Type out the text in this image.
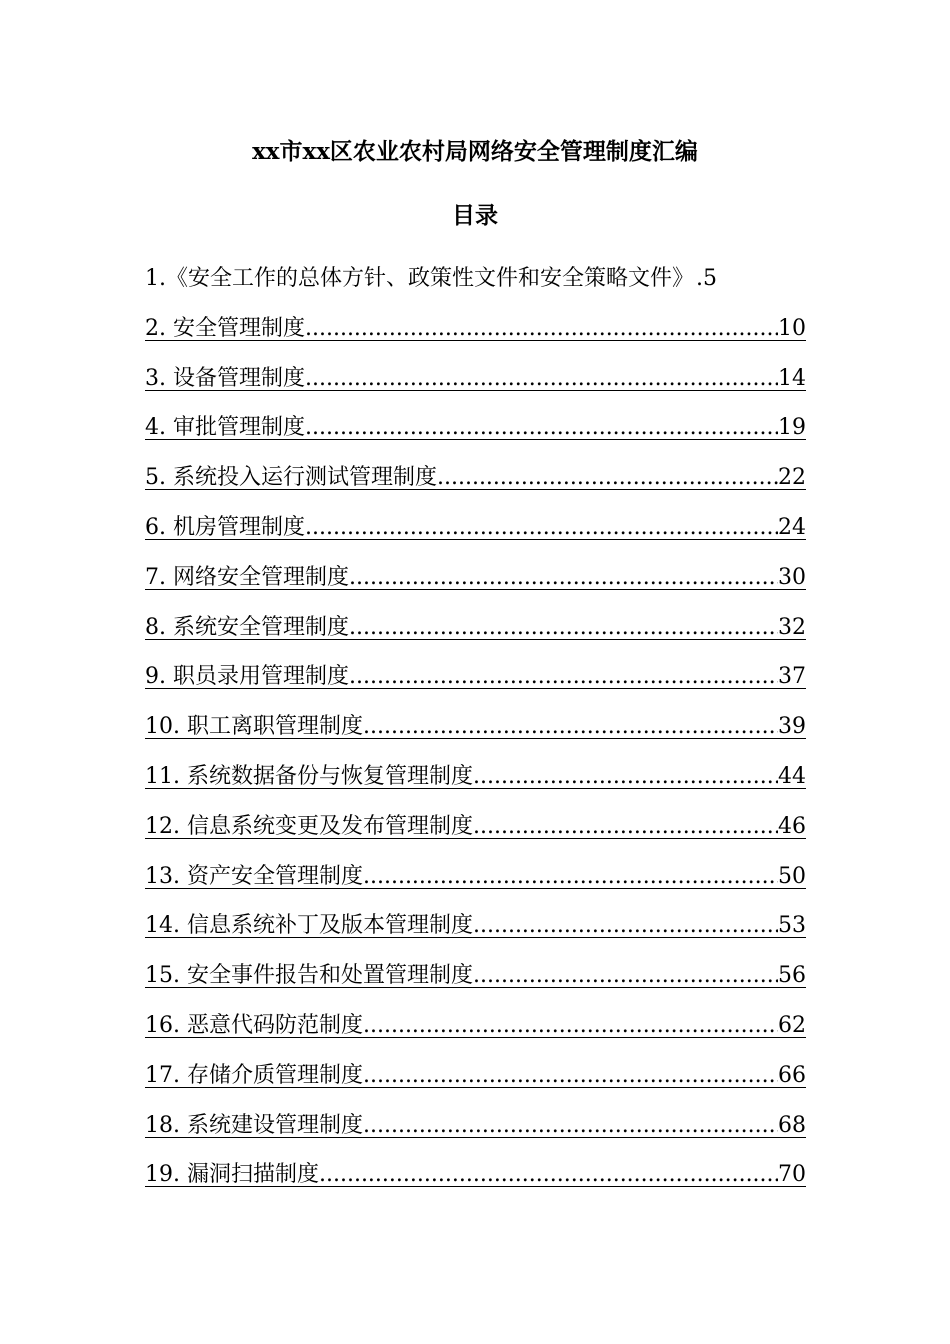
xx市xx区农业农村局网络安全管理制度汇编
目录
1.《安全工作的总体方针、政策性文件和安全策略文件》 . 5
2. 安全管理制度 .....	10
3. 设备管理制度 .....	14
4. 审批管理制度 .....	19
5. 系统投入运行测试管理制度 .....	22
6. 机房管理制度 .....	24
7. 网络安全管理制度 .....	30
8. 系统安全管理制度 .....	32
9. 职员录用管理制度 .....	37
10. 职工离职管理制度 .....	39
11. 系统数据备份与恢复管理制度 .....	44
12. 信息系统变更及发布管理制度 .....	46
13. 资产安全管理制度 .....	50
14. 信息系统补丁及版本管理制度 .....	53
15. 安全事件报告和处置管理制度 .....	56
16. 恶意代码防范制度 .....	62
17. 存储介质管理制度 .....	66
18. 系统建设管理制度 .....	68
19. 漏洞扫描制度 .....	70
